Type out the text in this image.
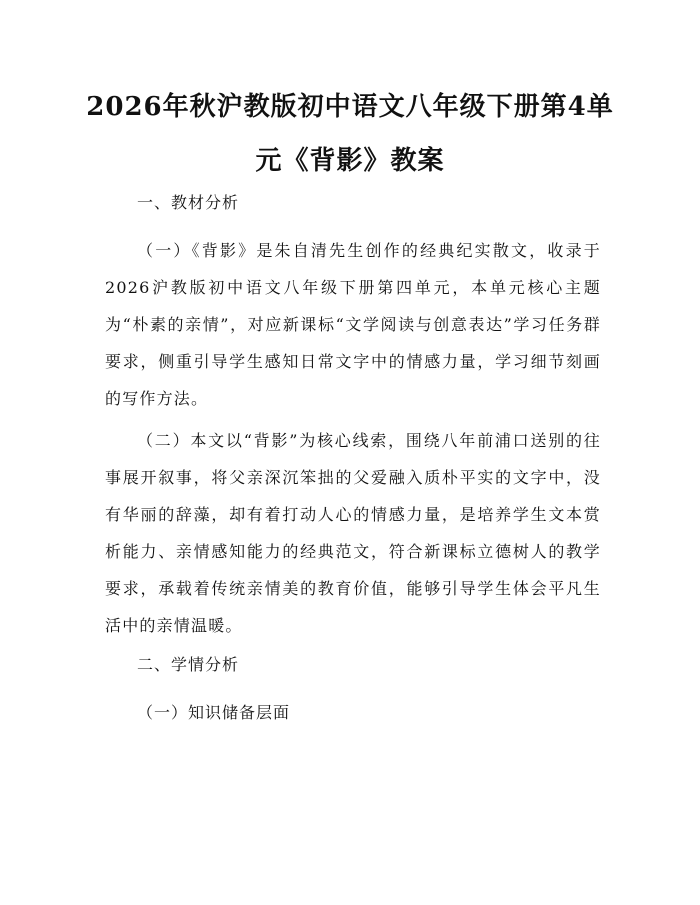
2026年秋沪教版初中语文八年级下册第4单
元《背影》教案

一、教材分析

（一）《背影》是朱自清先生创作的经典纪实散文，收录于2026沪教版初中语文八年级下册第四单元，本单元核心主题为“朴素的亲情”，对应新课标“文学阅读与创意表达”学习任务群要求，侧重引导学生感知日常文字中的情感力量，学习细节刻画的写作方法。

（二）本文以“背影”为核心线索，围绕八年前浦口送别的往事展开叙事，将父亲深沉笨拙的父爱融入质朴平实的文字中，没有华丽的辞藻，却有着打动人心的情感力量，是培养学生文本赏析能力、亲情感知能力的经典范文，符合新课标立德树人的教学要求，承载着传统亲情美的教育价值，能够引导学生体会平凡生活中的亲情温暖。

二、学情分析

（一）知识储备层面
